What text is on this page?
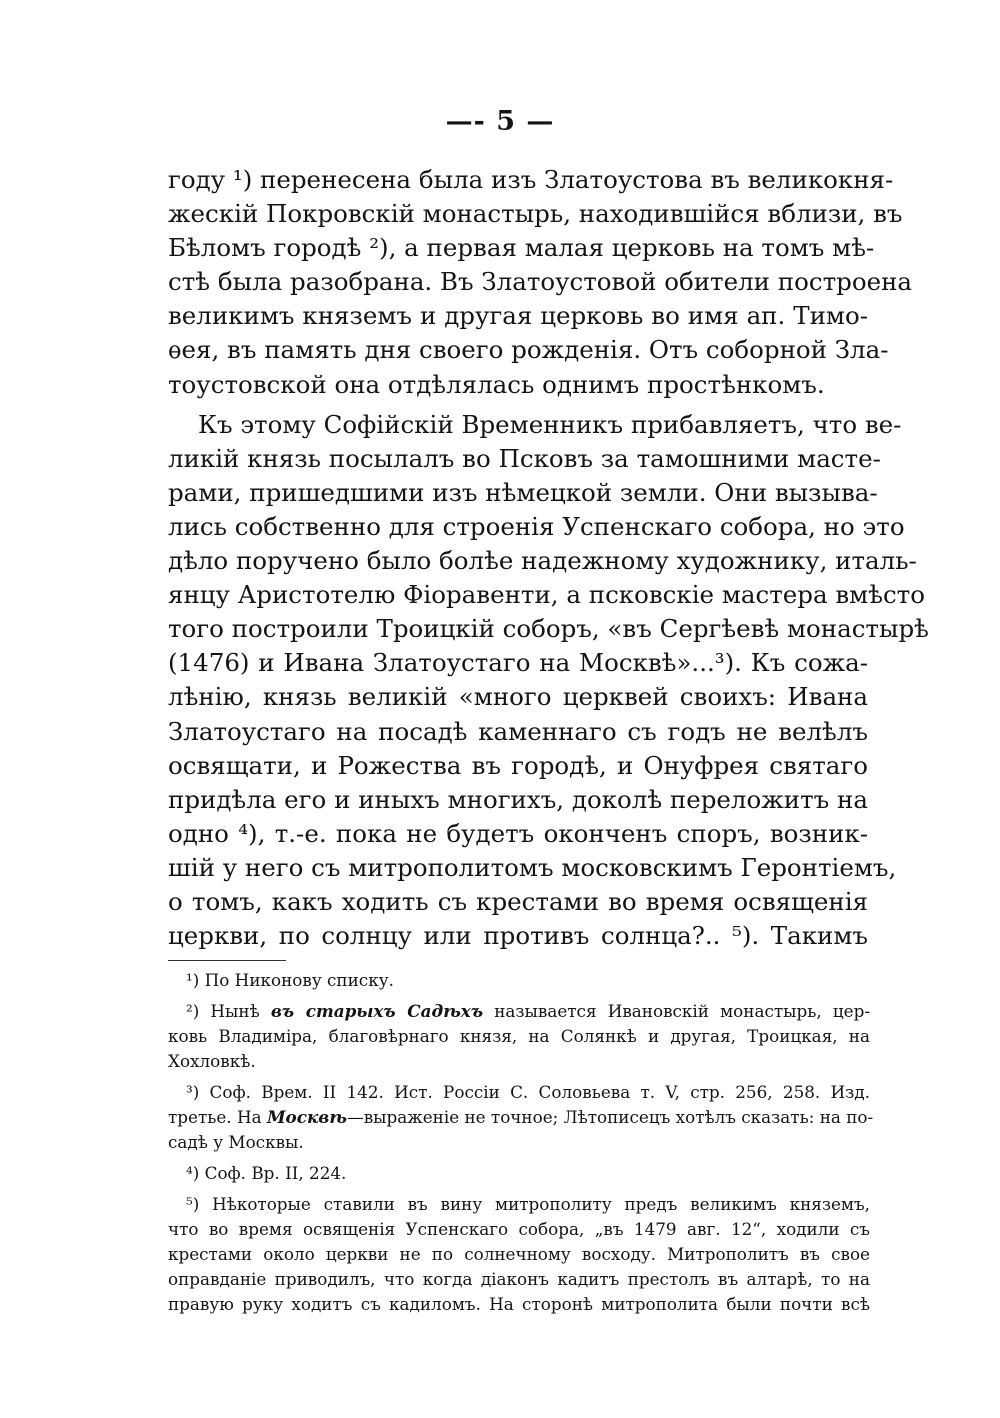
—- 5 —
году ¹) перенесена была изъ Златоустова въ великокня-
жескій Покровскій монастырь, находившійся вблизи, въ
Бѣломъ городѣ ²), а первая малая церковь на томъ мѣ-
стѣ была разобрана. Въ Златоустовой обители построена
великимъ княземъ и другая церковь во имя ап. Тимо-
ѳея, въ память дня своего рожденія. Отъ соборной Зла-
тоустовской она отдѣлялась однимъ простѣнкомъ.
Къ этому Софійскій Временникъ прибавляетъ, что ве-
ликій князь посылалъ во Псковъ за тамошними масте-
рами, пришедшими изъ нѣмецкой земли. Они вызыва-
лись собственно для строенія Успенскаго собора, но это
дѣло поручено было болѣе надежному художнику, италь-
янцу Аристотелю Фіоравенти, а псковскіе мастера вмѣсто
того построили Троицкій соборъ, «въ Сергѣевѣ монастырѣ
(1476) и Ивана Златоустаго на Москвѣ»...³). Къ сожа-
лѣнію, князь великій «много церквей своихъ: Ивана
Златоустаго на посадѣ каменнаго съ годъ не велѣлъ
освящати, и Рожества въ городѣ, и Онуфрея святаго
придѣла его и иныхъ многихъ, доколѣ переложитъ на
одно ⁴), т.-е. пока не будетъ оконченъ споръ, возник-
шій у него съ митрополитомъ московскимъ Геронтіемъ,
о томъ, какъ ходить съ крестами во время освященія
церкви, по солнцу или противъ солнца?.. ⁵). Такимъ
¹) По Никонову списку.
²) Нынѣ въ старыхъ Садѣхъ называется Ивановскій монастырь, цер-
ковь Владиміра, благовѣрнаго князя, на Солянкѣ и другая, Троицкая, на
Хохловкѣ.
³) Соф. Врем. II 142. Ист. Россіи С. Соловьева т. V, стр. 256, 258. Изд.
третье. На Москвѣ—выраженіе не точное; Лѣтописецъ хотѣлъ сказать: на по-
садѣ у Москвы.
⁴) Соф. Вр. II, 224.
⁵) Нѣкоторые ставили въ вину митрополиту предъ великимъ княземъ,
что во время освященія Успенскаго собора, „въ 1479 авг. 12“, ходили съ
крестами около церкви не по солнечному восходу. Митрополитъ въ свое
оправданіе приводилъ, что когда діаконъ кадитъ престолъ въ алтарѣ, то на
правую руку ходитъ съ кадиломъ. На сторонѣ митрополита были почти всѣ
